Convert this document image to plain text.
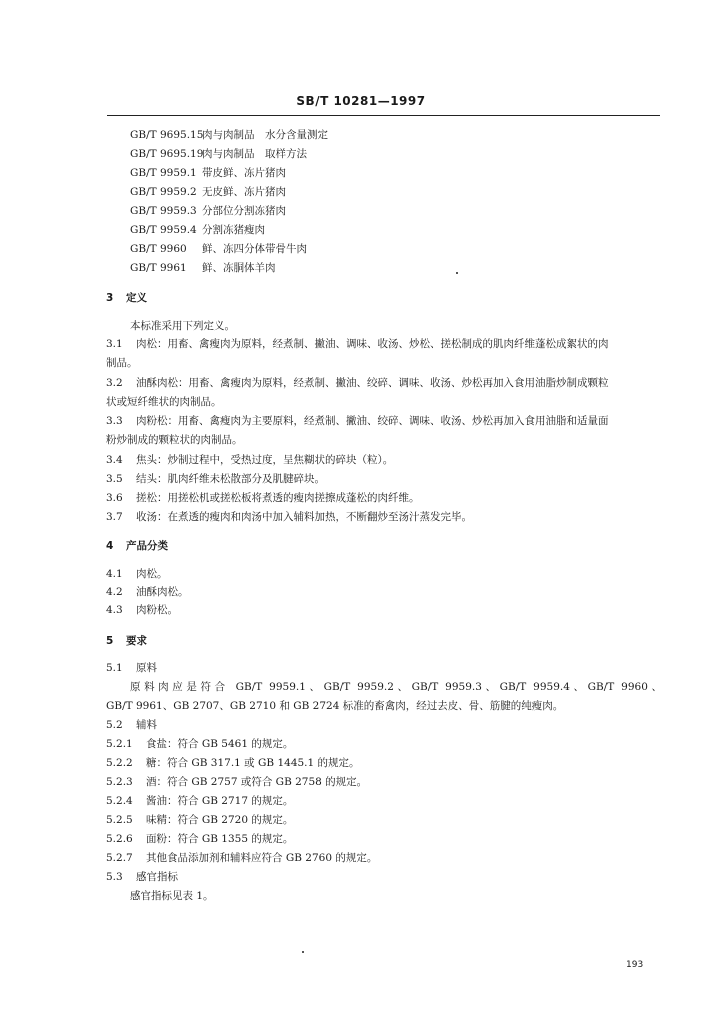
SB/T 10281—1997
GB/T 9695.15肉与肉制品　水分含量测定
GB/T 9695.19肉与肉制品　取样方法
GB/T 9959.1 带皮鲜、冻片猪肉
GB/T 9959.2 无皮鲜、冻片猪肉
GB/T 9959.3 分部位分割冻猪肉
GB/T 9959.4 分割冻猪瘦肉
GB/T 9960 鲜、冻四分体带骨牛肉
GB/T 9961 鲜、冻胴体羊肉
3 定义
本标准采用下列定义。
3.1 肉松：用畜、禽瘦肉为原料，经煮制、撇油、调味、收汤、炒松、搓松制成的肌肉纤维蓬松成絮状的肉
制品。
3.2 油酥肉松：用畜、禽瘦肉为原料，经煮制、撇油、绞碎、调味、收汤、炒松再加入食用油脂炒制成颗粒
状或短纤维状的肉制品。
3.3 肉粉松：用畜、禽瘦肉为主要原料，经煮制、撇油、绞碎、调味、收汤、炒松再加入食用油脂和适量面
粉炒制成的颗粒状的肉制品。
3.4 焦头：炒制过程中，受热过度，呈焦糊状的碎块（粒）。
3.5 结头：肌肉纤维未松散部分及肌腱碎块。
3.6 搓松：用搓松机或搓松板将煮透的瘦肉搓擦成蓬松的肉纤维。
3.7 收汤：在煮透的瘦肉和肉汤中加入辅料加热，不断翻炒至汤汁蒸发完毕。
4 产品分类
4.1 肉松。
4.2 油酥肉松。
4.3 肉粉松。
5 要求
5.1 原料
原料肉应是符合 GB/T 9959.1、GB/T 9959.2、GB/T 9959.3、GB/T 9959.4、GB/T 9960、
GB/T 9961、GB 2707、GB 2710 和 GB 2724 标准的畜禽肉，经过去皮、骨、筋腱的纯瘦肉。
5.2 辅料
5.2.1 食盐：符合 GB 5461 的规定。
5.2.2 糖：符合 GB 317.1 或 GB 1445.1 的规定。
5.2.3 酒：符合 GB 2757 或符合 GB 2758 的规定。
5.2.4 酱油：符合 GB 2717 的规定。
5.2.5 味精：符合 GB 2720 的规定。
5.2.6 面粉：符合 GB 1355 的规定。
5.2.7 其他食品添加剂和辅料应符合 GB 2760 的规定。
5.3 感官指标
感官指标见表 1。
193
